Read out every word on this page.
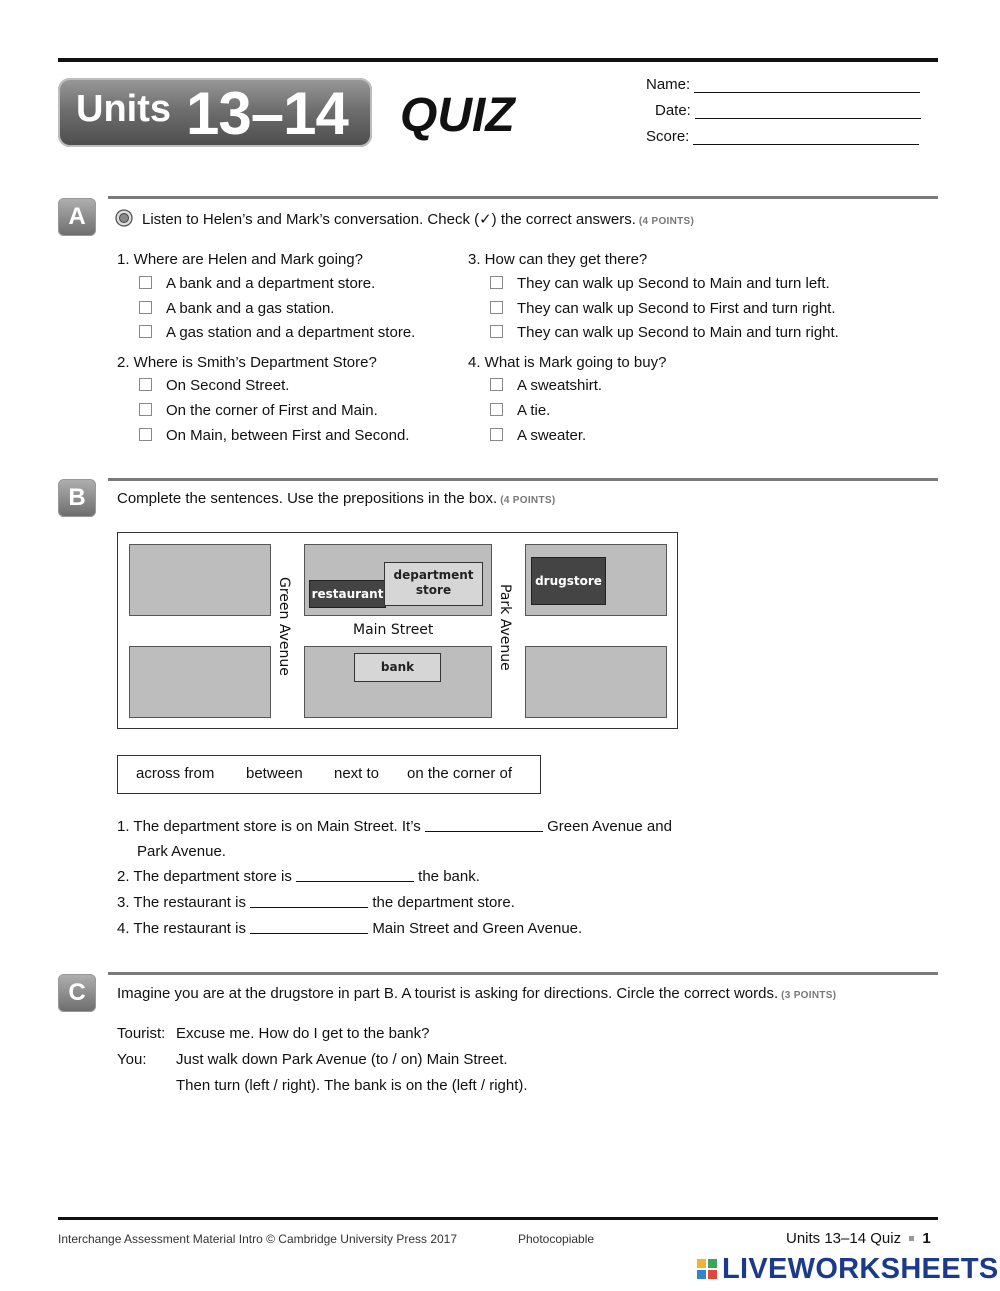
Units 13–14 QUIZ
Name:
Date:
Score:
A	Listen to Helen’s and Mark’s conversation. Check (✓) the correct answers. (4 POINTS)
1. Where are Helen and Mark going?
A bank and a department store.
A bank and a gas station.
A gas station and a department store.
2. Where is Smith’s Department Store?
On Second Street.
On the corner of First and Main.
On Main, between First and Second.
3. How can they get there?
They can walk up Second to Main and turn left.
They can walk up Second to First and turn right.
They can walk up Second to Main and turn right.
4. What is Mark going to buy?
A sweatshirt.
A tie.
A sweater.
B	Complete the sentences. Use the prepositions in the box. (4 POINTS)
restaurant
department
store
drugstore
bank
Main Street
Green Avenue	Park Avenue
across from between next to on the corner of
1. The department store is on Main Street. It’s	Green Avenue and
Park Avenue.
2. The department store is	the bank.
3. The restaurant is	the department store.
4. The restaurant is	Main Street and Green Avenue.
C	Imagine you are at the drugstore in part B. A tourist is asking for directions. Circle the correct words. (3 POINTS)
Tourist: Excuse me. How do I get to the bank?
You: Just walk down Park Avenue (to / on) Main Street.
Then turn (left / right). The bank is on the (left / right).
Interchange Assessment Material Intro © Cambridge University Press 2017	Photocopiable	Units 13–14 Quiz 1
LIVEWORKSHEETS
